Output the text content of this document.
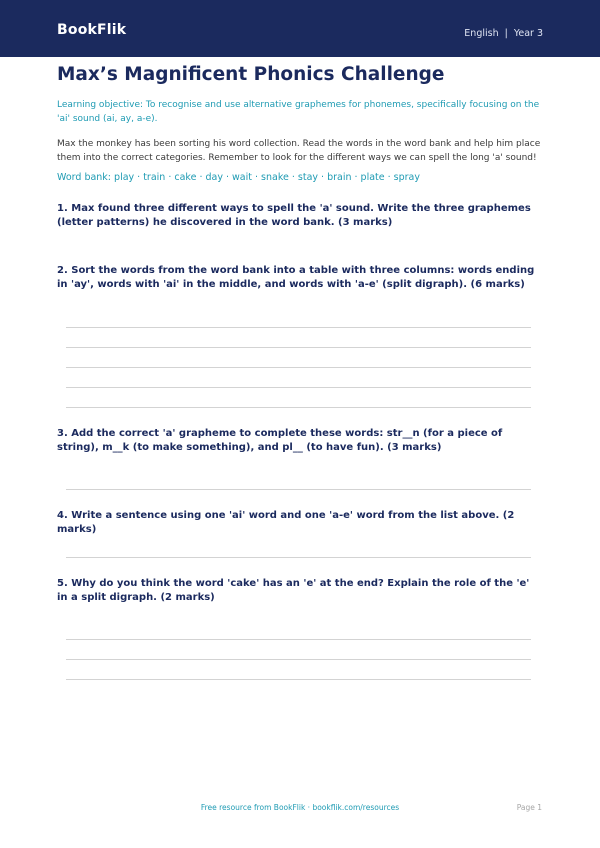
BookFlik	English | Year 3
Max’s Magnificent Phonics Challenge
Learning objective: To recognise and use alternative graphemes for phonemes, specifically focusing on the 'ai' sound (ai, ay, a-e).
Max the monkey has been sorting his word collection. Read the words in the word bank and help him place them into the correct categories. Remember to look for the different ways we can spell the long 'a' sound!
Word bank: play · train · cake · day · wait · snake · stay · brain · plate · spray
1. Max found three different ways to spell the 'a' sound. Write the three graphemes (letter patterns) he discovered in the word bank. (3 marks)
2. Sort the words from the word bank into a table with three columns: words ending in 'ay', words with 'ai' in the middle, and words with 'a-e' (split digraph). (6 marks)
3. Add the correct 'a' grapheme to complete these words: str__n (for a piece of string), m__k (to make something), and pl__ (to have fun). (3 marks)
4. Write a sentence using one 'ai' word and one 'a-e' word from the list above. (2 marks)
5. Why do you think the word 'cake' has an 'e' at the end? Explain the role of the 'e' in a split digraph. (2 marks)
Free resource from BookFlik · bookflik.com/resources	Page 1
